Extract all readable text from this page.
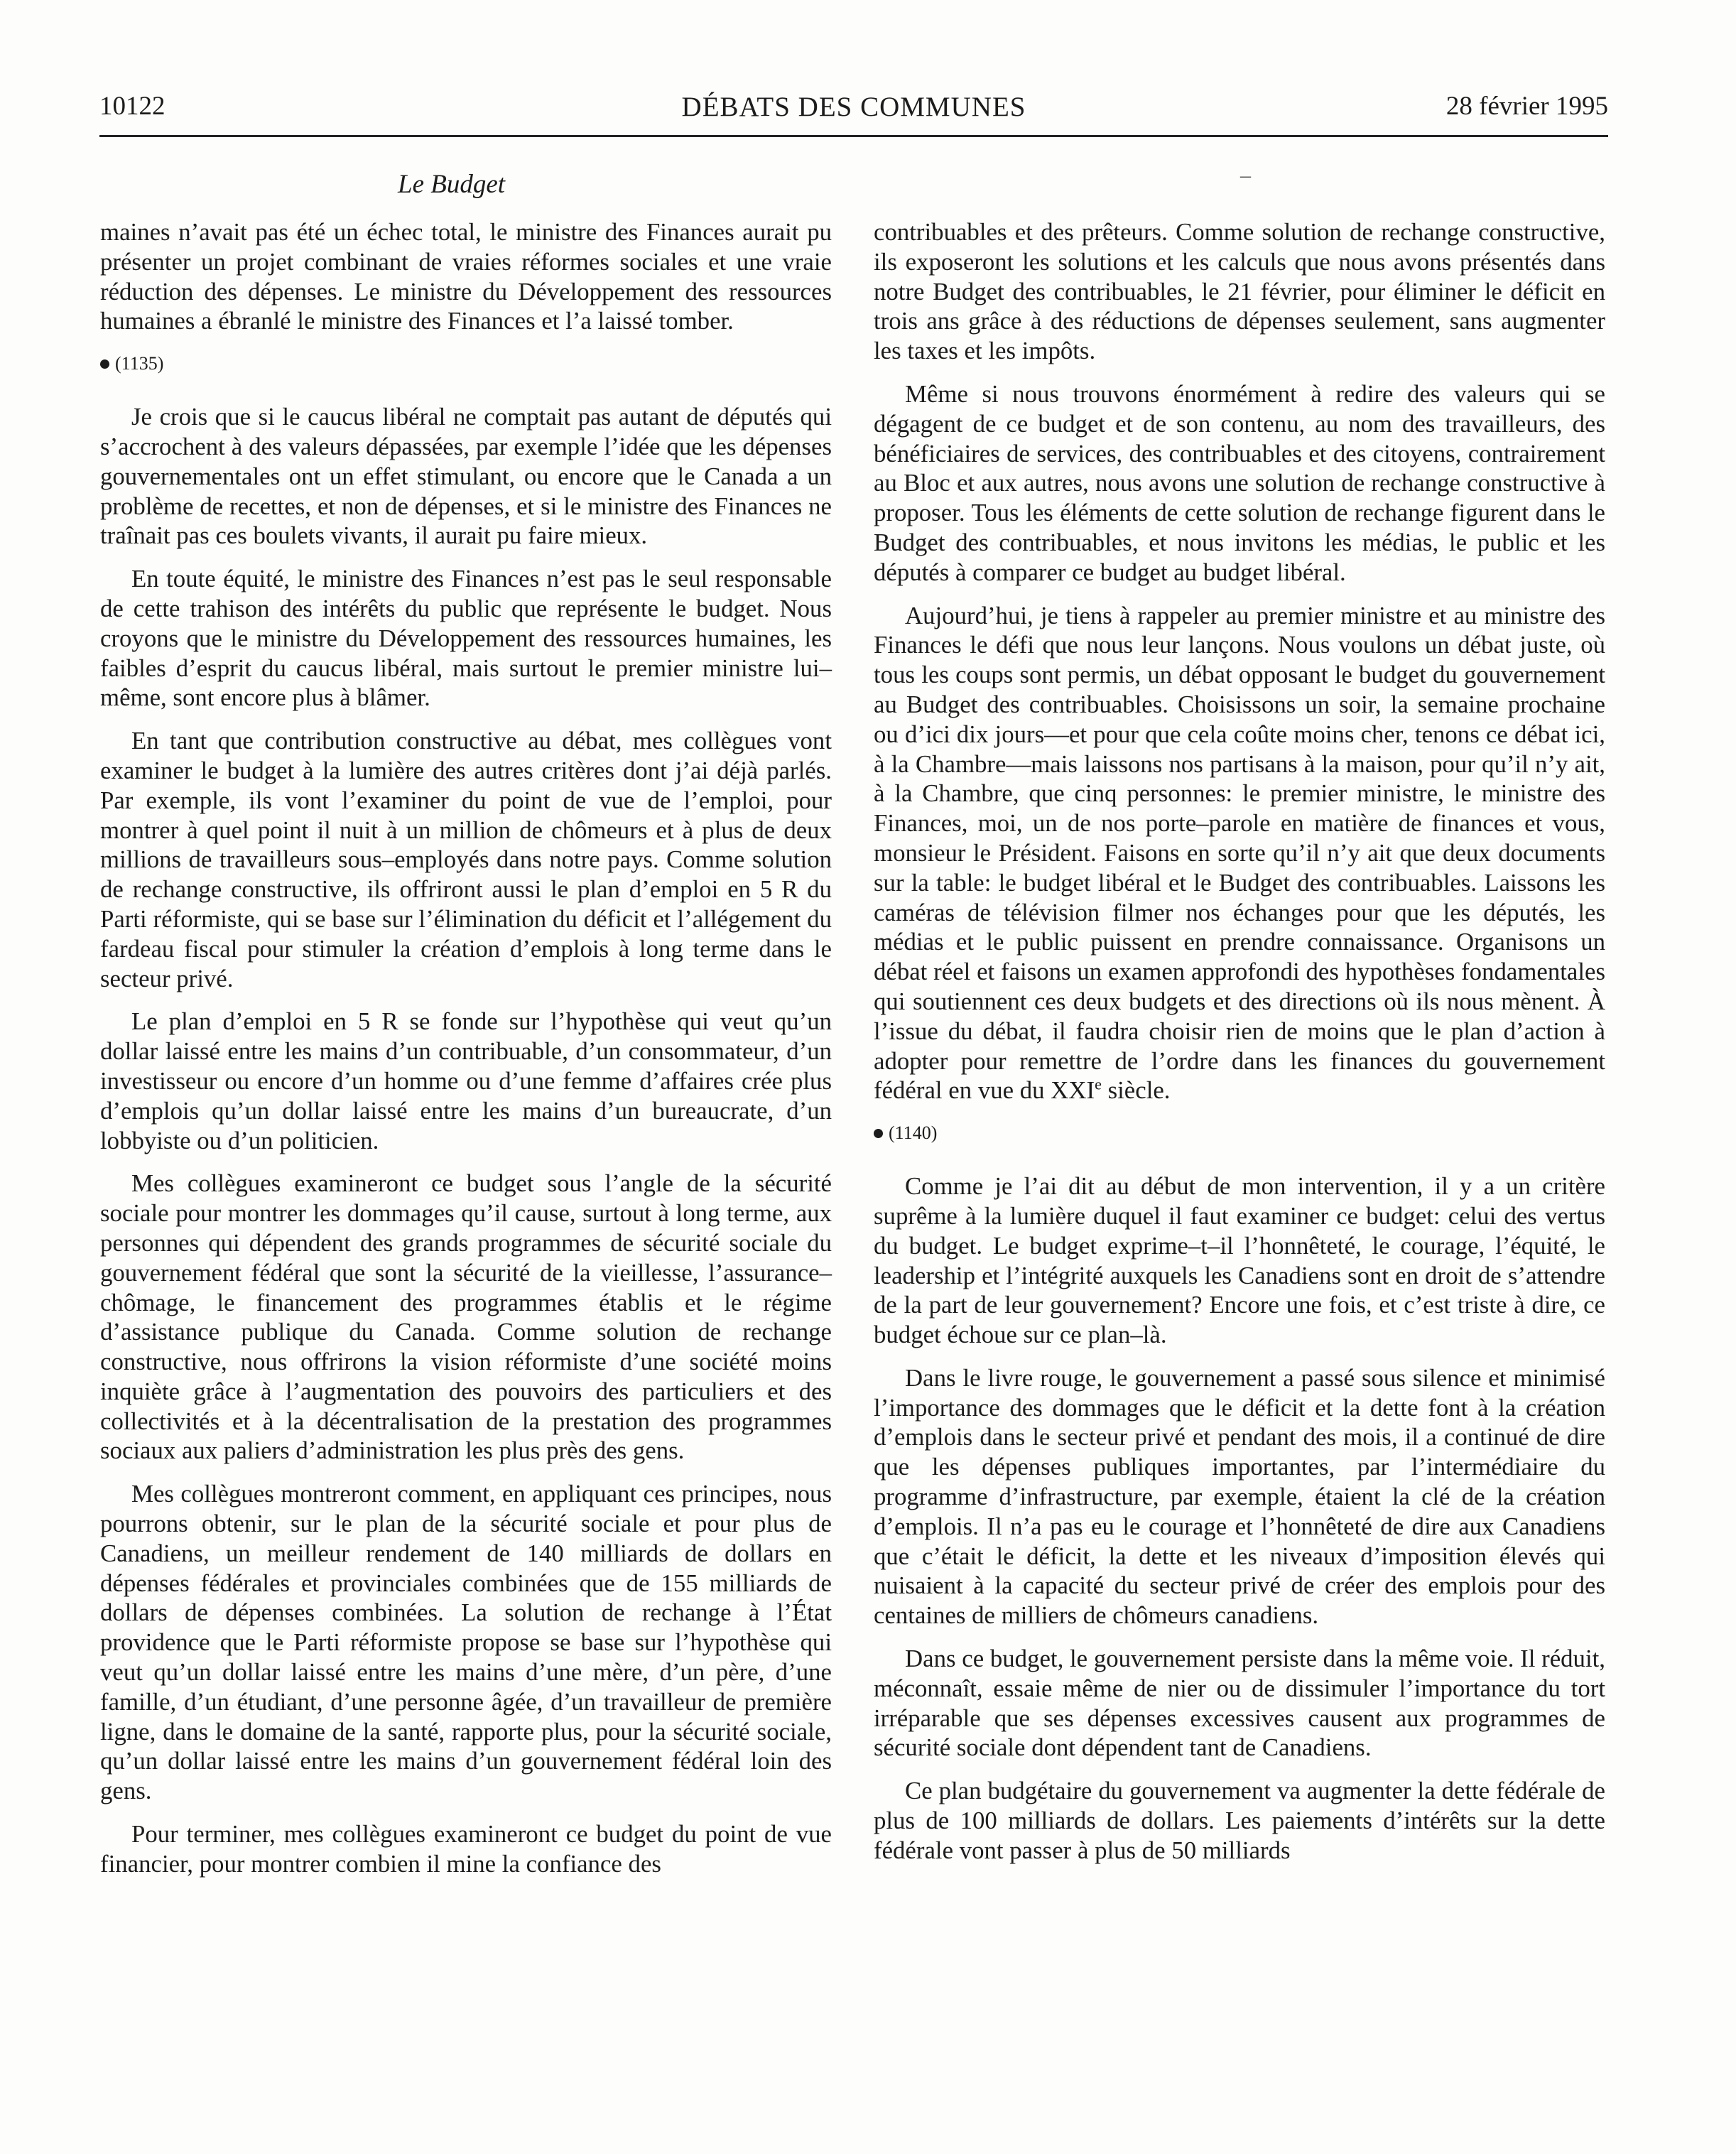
10122	DÉBATS DES COMMUNES	28 février 1995
Le Budget	–

maines n’avait pas été un échec total, le ministre des Finances aurait pu présenter un projet combinant de vraies réformes sociales et une vraie réduction des dépenses. Le ministre du Développement des ressources humaines a ébranlé le ministre des Finances et l’a laissé tomber.

(1135)

Je crois que si le caucus libéral ne comptait pas autant de députés qui s’accrochent à des valeurs dépassées, par exemple l’idée que les dépenses gouvernementales ont un effet stimulant, ou encore que le Canada a un problème de recettes, et non de dépenses, et si le ministre des Finances ne traînait pas ces boulets vivants, il aurait pu faire mieux.

En toute équité, le ministre des Finances n’est pas le seul responsable de cette trahison des intérêts du public que représente le budget. Nous croyons que le ministre du Développement des ressources humaines, les faibles d’esprit du caucus libéral, mais surtout le premier ministre lui–même, sont encore plus à blâmer.

En tant que contribution constructive au débat, mes collègues vont examiner le budget à la lumière des autres critères dont j’ai déjà parlés. Par exemple, ils vont l’examiner du point de vue de l’emploi, pour montrer à quel point il nuit à un million de chômeurs et à plus de deux millions de travailleurs sous–employés dans notre pays. Comme solution de rechange constructive, ils offriront aussi le plan d’emploi en 5 R du Parti réformiste, qui se base sur l’élimination du déficit et l’allégement du fardeau fiscal pour stimuler la création d’emplois à long terme dans le secteur privé.

Le plan d’emploi en 5 R se fonde sur l’hypothèse qui veut qu’un dollar laissé entre les mains d’un contribuable, d’un consommateur, d’un investisseur ou encore d’un homme ou d’une femme d’affaires crée plus d’emplois qu’un dollar laissé entre les mains d’un bureaucrate, d’un lobbyiste ou d’un politicien.

Mes collègues examineront ce budget sous l’angle de la sécurité sociale pour montrer les dommages qu’il cause, surtout à long terme, aux personnes qui dépendent des grands programmes de sécurité sociale du gouvernement fédéral que sont la sécurité de la vieillesse, l’assurance–chômage, le financement des programmes établis et le régime d’assistance publique du Canada. Comme solution de rechange constructive, nous offrirons la vision réformiste d’une société moins inquiète grâce à l’augmentation des pouvoirs des particuliers et des collectivités et à la décentralisation de la prestation des programmes sociaux aux paliers d’administration les plus près des gens.

Mes collègues montreront comment, en appliquant ces principes, nous pourrons obtenir, sur le plan de la sécurité sociale et pour plus de Canadiens, un meilleur rendement de 140 milliards de dollars en dépenses fédérales et provinciales combinées que de 155 milliards de dollars de dépenses combinées. La solution de rechange à l’État providence que le Parti réformiste propose se base sur l’hypothèse qui veut qu’un dollar laissé entre les mains d’une mère, d’un père, d’une famille, d’un étudiant, d’une personne âgée, d’un travailleur de première ligne, dans le domaine de la santé, rapporte plus, pour la sécurité sociale, qu’un dollar laissé entre les mains d’un gouvernement fédéral loin des gens.

Pour terminer, mes collègues examineront ce budget du point de vue financier, pour montrer combien il mine la confiance des

contribuables et des prêteurs. Comme solution de rechange constructive, ils exposeront les solutions et les calculs que nous avons présentés dans notre Budget des contribuables, le 21 février, pour éliminer le déficit en trois ans grâce à des réductions de dépenses seulement, sans augmenter les taxes et les impôts.

Même si nous trouvons énormément à redire des valeurs qui se dégagent de ce budget et de son contenu, au nom des travailleurs, des bénéficiaires de services, des contribuables et des citoyens, contrairement au Bloc et aux autres, nous avons une solution de rechange constructive à proposer. Tous les éléments de cette solution de rechange figurent dans le Budget des contribuables, et nous invitons les médias, le public et les députés à comparer ce budget au budget libéral.

Aujourd’hui, je tiens à rappeler au premier ministre et au ministre des Finances le défi que nous leur lançons. Nous voulons un débat juste, où tous les coups sont permis, un débat opposant le budget du gouvernement au Budget des contribuables. Choisissons un soir, la semaine prochaine ou d’ici dix jours—et pour que cela coûte moins cher, tenons ce débat ici, à la Chambre—mais laissons nos partisans à la maison, pour qu’il n’y ait, à la Chambre, que cinq personnes: le premier ministre, le ministre des Finances, moi, un de nos porte–parole en matière de finances et vous, monsieur le Président. Faisons en sorte qu’il n’y ait que deux documents sur la table: le budget libéral et le Budget des contribuables. Laissons les caméras de télévision filmer nos échanges pour que les députés, les médias et le public puissent en prendre connaissance. Organisons un débat réel et faisons un examen approfondi des hypothèses fondamentales qui soutiennent ces deux budgets et des directions où ils nous mènent. À l’issue du débat, il faudra choisir rien de moins que le plan d’action à adopter pour remettre de l’ordre dans les finances du gouvernement fédéral en vue du XXIe siècle.

(1140)

Comme je l’ai dit au début de mon intervention, il y a un critère suprême à la lumière duquel il faut examiner ce budget: celui des vertus du budget. Le budget exprime–t–il l’honnêteté, le courage, l’équité, le leadership et l’intégrité auxquels les Canadiens sont en droit de s’attendre de la part de leur gouvernement? Encore une fois, et c’est triste à dire, ce budget échoue sur ce plan–là.

Dans le livre rouge, le gouvernement a passé sous silence et minimisé l’importance des dommages que le déficit et la dette font à la création d’emplois dans le secteur privé et pendant des mois, il a continué de dire que les dépenses publiques importantes, par l’intermédiaire du programme d’infrastructure, par exemple, étaient la clé de la création d’emplois. Il n’a pas eu le courage et l’honnêteté de dire aux Canadiens que c’était le déficit, la dette et les niveaux d’imposition élevés qui nuisaient à la capacité du secteur privé de créer des emplois pour des centaines de milliers de chômeurs canadiens.

Dans ce budget, le gouvernement persiste dans la même voie. Il réduit, méconnaît, essaie même de nier ou de dissimuler l’importance du tort irréparable que ses dépenses excessives causent aux programmes de sécurité sociale dont dépendent tant de Canadiens.

Ce plan budgétaire du gouvernement va augmenter la dette fédérale de plus de 100 milliards de dollars. Les paiements d’intérêts sur la dette fédérale vont passer à plus de 50 milliards
